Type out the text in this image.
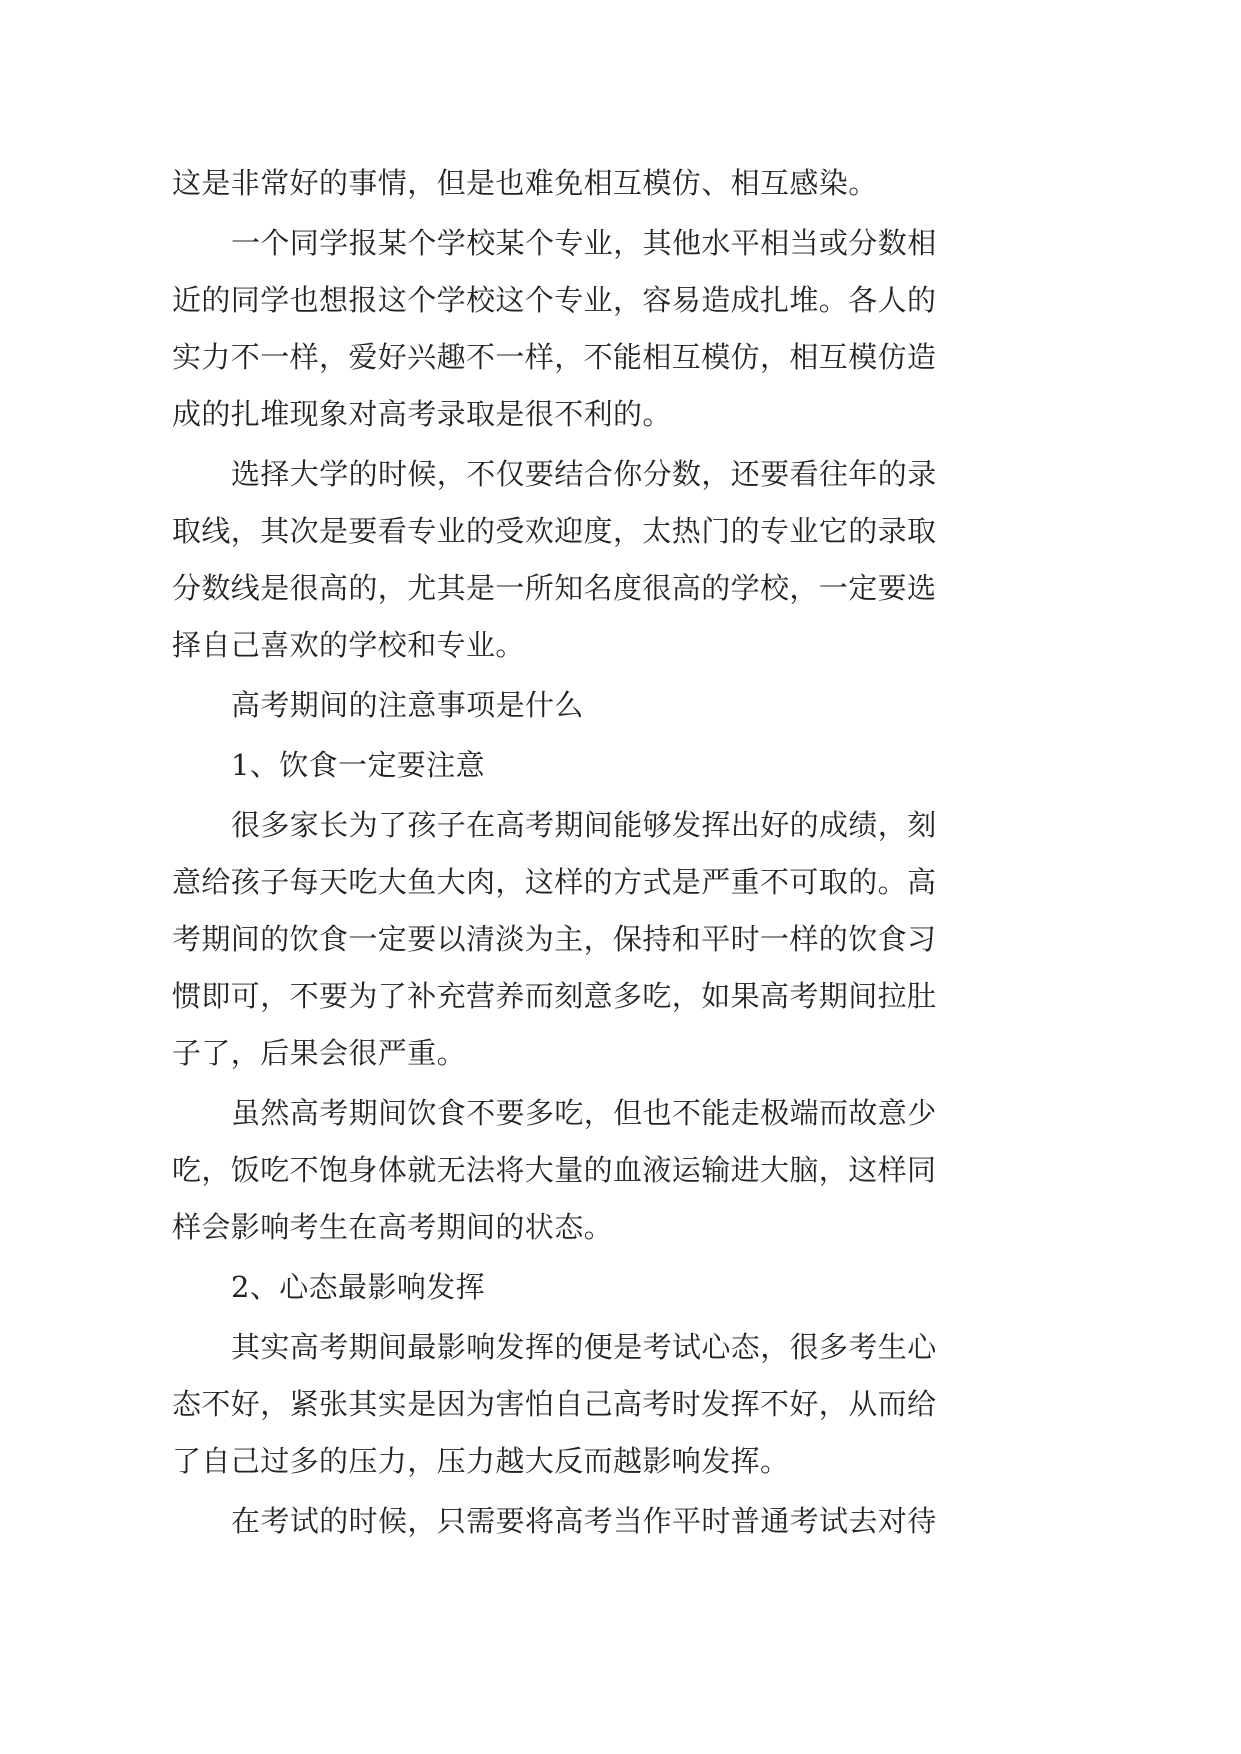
这是非常好的事情，但是也难免相互模仿、相互感染。
一个同学报某个学校某个专业，其他水平相当或分数相
近的同学也想报这个学校这个专业，容易造成扎堆。各人的
实力不一样，爱好兴趣不一样，不能相互模仿，相互模仿造
成的扎堆现象对高考录取是很不利的。
选择大学的时候，不仅要结合你分数，还要看往年的录
取线，其次是要看专业的受欢迎度，太热门的专业它的录取
分数线是很高的，尤其是一所知名度很高的学校，一定要选
择自己喜欢的学校和专业。
高考期间的注意事项是什么
1、饮食一定要注意
很多家长为了孩子在高考期间能够发挥出好的成绩，刻
意给孩子每天吃大鱼大肉，这样的方式是严重不可取的。高
考期间的饮食一定要以清淡为主，保持和平时一样的饮食习
惯即可，不要为了补充营养而刻意多吃，如果高考期间拉肚
子了，后果会很严重。
虽然高考期间饮食不要多吃，但也不能走极端而故意少
吃，饭吃不饱身体就无法将大量的血液运输进大脑，这样同
样会影响考生在高考期间的状态。
2、心态最影响发挥
其实高考期间最影响发挥的便是考试心态，很多考生心
态不好，紧张其实是因为害怕自己高考时发挥不好，从而给
了自己过多的压力，压力越大反而越影响发挥。
在考试的时候，只需要将高考当作平时普通考试去对待
